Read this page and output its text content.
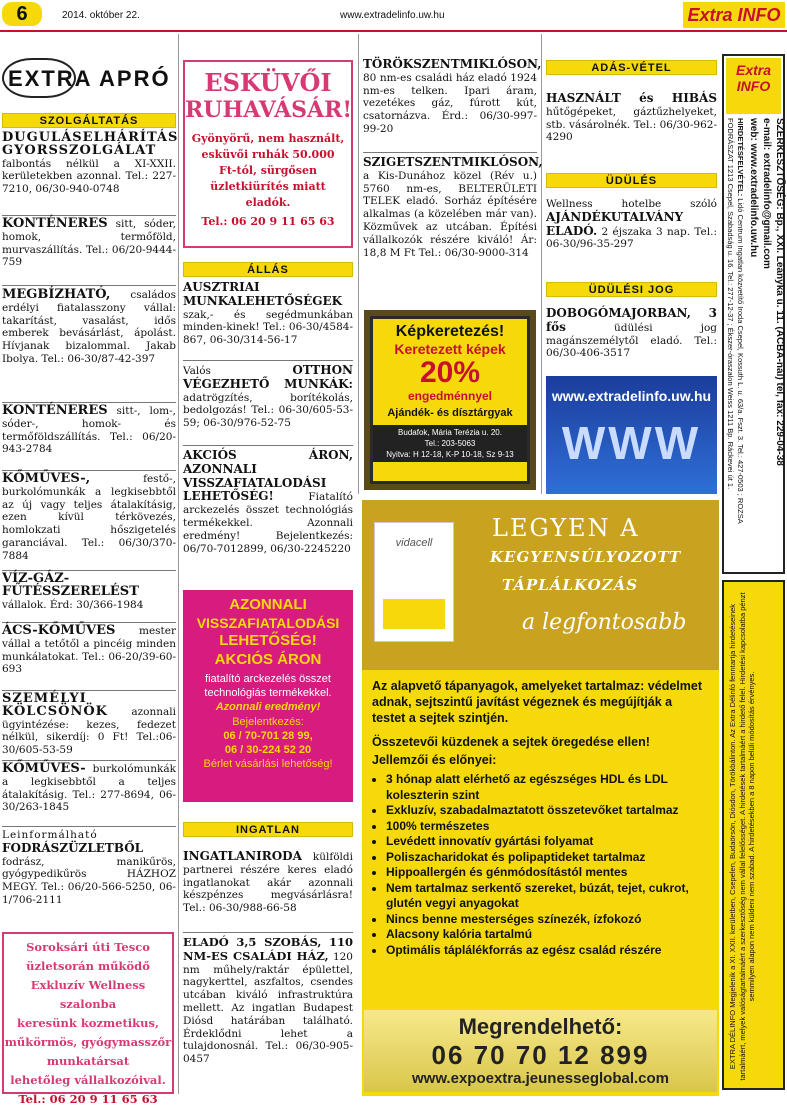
6	2014. október 22.	www.extradelinfo.uw.hu	Extra INFO
EXTRA APRÓ
SZOLGÁLTATÁS
DUGULÁSELHÁRÍTÁS GYORSSZOLGÁLAT falbontás nélkül a XI-XXII. kerületekben azonnal. Tel.: 227-7210, 06/30-940-0748
KONTÉNERES sitt, sóder, homok, termőföld, murvaszállítás. Tel.: 06/20-9444-759
MEGBÍZHATÓ, családos erdélyi fiatalasszony vállal: takarítást, vasalást, idős emberek bevásárlást, ápolást. Hívjanak bizalommal. Jakab Ibolya. Tel.: 06-30/87-42-397
KONTÉNERES sitt-, lom-, sóder-, homok- és termőföldszállítás. Tel.: 06/20-943-2784
KŐMŰVES-,	festő-, burkolómunkák a legkisebbtől az új vagy teljes átalakításig, ezen kívül térkövezés, homlokzati hőszigetelés garanciával. Tel.: 06/30/370-7884
VÍZ-GÁZ-FŰTÉSSZERELÉST vállalok. Érd: 30/366-1984
ÁCS-KŐMŰVES mester vállal a tetőtől a pincéig minden munkálatokat. Tel.: 06-20/39-60-693
SZEMÉLYI KÖLCSÖNÖK azonnali ügyintézése: kezes, fedezet nélkül, sikerdíj: 0 Ft! Tel.:06-30/605-53-59
KŐMŰVES- burkolómunkák a legkisebbtől a teljes átalakításig. Tel.: 277-8694, 06-30/263-1845
Leinformálható FODRÁSZÜZLETBŐL fodrász, manikűrös, gyógypedikűrös HÁZHOZ MEGY. Tel.: 06/20-566-5250, 06-1/706-2111
Soroksári úti Tesco
üzletsorán működő
Exkluzív Wellness szalonba
keresünk kozmetikus,
műkörmös, gyógymasszőr
munkatársat
lehetőleg vállalkozóival.
Tel.: 06 20 9 11 65 63
ESKÜVŐI
RUHAVÁSÁR!
Gyönyörű, nem használt, esküvői ruhák 50.000 Ft-tól, sürgősen üzletkiürítés miatt eladók.
Tel.: 06 20 9 11 65 63
ÁLLÁS
AUSZTRIAI MUNKALEHETŐSÉGEK szak,- és segédmunkában minden-kinek! Tel.: 06-30/4584-867, 06-30/314-56-17
Valós	OTTHON VÉGEZHETŐ MUNKÁK: adatrögzítés, borítékolás, bedolgozás! Tel.: 06-30/605-53-59; 06-30/976-52-75
AKCIÓS ÁRON, AZONNALI VISSZAFIATALODÁSI LEHETŐSÉG!	Fiatalító arckezelés összet technológiás termékekkel. Azonnali eredmény! Bejelentkezés: 06/70-7012899, 06/30-2245220
AZONNALI
VISSZAFIATALODÁSI
LEHETŐSÉG!
AKCIÓS ÁRON
fiatalító arckezelés összet
technológiás termékekkel.
Azonnali eredmény!
Bejelentkezés:
06 / 70-701 28 99,
06 / 30-224 52 20
Bérlet vásárlási lehetőség!
INGATLAN
INGATLANIRODA külföldi partnerei részére keres eladó ingatlanokat akár azonnali készpénzes megvásárlásra! Tel.: 06-30/988-66-58
ELADÓ 3,5 SZOBÁS, 110 NM-ES CSALÁDI HÁZ, 120 nm műhely/raktár épülettel, nagykerttel, aszfaltos, csendes utcában kiváló infrastruktúra mellett. Az ingatlan Budapest Diósd határában található. Érdeklődni lehet a tulajdonosnál. Tel.: 06/30-905-0457
TÖRÖKSZENTMIKLÓSON, 80 nm-es családi ház eladó 1924 nm-es telken. Ipari áram, vezetékes gáz, fúrott kút, csatornázva. Érd.: 06/30-997-99-20
SZIGETSZENTMIKLÓSON, a Kis-Dunához közel (Rév u.) 5760 nm-es, BELTERÜLETI TELEK eladó. Sorház építésére alkalmas (a közelében már van). Közművek az utcában. Építési vállalkozók részére kiváló! Ár: 18,8 M Ft Tel.: 06/30-9000-314
Képkeretezés!
Keretezett képek
20%
engedménnyel
Ajándék- és dísztárgyak
Budafok, Mária Terézia u. 20.
Tel.: 203-5063
Nyitva: H 12-18, K-P 10-18, Sz 9-13
ADÁS-VÉTEL
HASZNÁLT és HIBÁS hűtőgépeket, gáztűzhelyeket, stb. vásárolnék. Tel.: 06/30-962-4290
ÜDÜLÉS
Wellness hotelbe szóló AJÁNDÉKUTALVÁNY ELADÓ. 2 éjszaka 3 nap. Tel.: 06-30/96-35-297
ÜDÜLÉSI JOG
DOBOGÓMAJORBAN, 3 fős	üdülési jog magánszemélytől eladó. Tel.: 06/30-406-3517
www.extradelinfo.uw.hu
WWW
vidacell
LEGYEN A
KEGYENSÚLYOZOTT
TÁPLÁLKOZÁS
a legfontosabb
Az alapvető tápanyagok, amelyeket tartalmaz: védelmet adnak, sejtszintű javítást végeznek és megújítják a testet a sejtek szintjén.
Összetevői küzdenek a sejtek öregedése ellen!
Jellemzői és előnyei:
• 3 hónap alatt elérhető az egészséges HDL és LDL koleszterin szint
• Exkluzív, szabadalmaztatott összetevőket tartalmaz
• 100% természetes
• Levédett innovatív gyártási folyamat
• Poliszacharidokat és polipaptideket tartalmaz
• Hippoallergén és génmódosítástól mentes
• Nem tartalmaz serkentő szereket, búzát, tejet, cukrot, glutén vegyi anyagokat
• Nincs benne mesterséges színezék, ízfokozó
• Alacsony kalória tartalmú
• Optimális táplálékforrás az egész család részére
Megrendelhető:
06 70 70 12 899
www.expoextra.jeunesseglobal.com
Extra INFO
SZERKESZTŐSÉG: Bp., XXI. Leányka u. 11. (ACBA-nál) tel, fax: 229-04-38
e-mail: extradelinfo@gmail.com
web: www.extradelinfo.uw.hu
HIRDETÉSFELVÉTEL: Lidó Centrum Ingatlan közvetítő Iroda Csepel, Kossuth L. u. 63/a. Fszt. 3. Tel.: 427-0503 ; ROZSA FODRÁSZAT 1213 Csepel, Szabadság u. 16. Tel.: 277-12-37 ; Ékszer-óraszalon Weiss 1211 Bp. Ráckevei út 1.
EXTRA DÉLINFO Megjelenik a XI. XXII. kerületben, Csepelen, Budaörsön, Diósdon, Törökbálinton. Az Extra Délinfó fenntartja hirdetéseinek tartalmáért, melyek valóságtartalmáért a szerkesztőség nem vállal felelősséget. A hirdetések tartalmáért a hirdető felel. Hirdetési kapcsolatba pénzt semmilyen alapon nem küldeni nem szabad. A hirdetésekben a 8 napon belüli módosítás érvényes.
